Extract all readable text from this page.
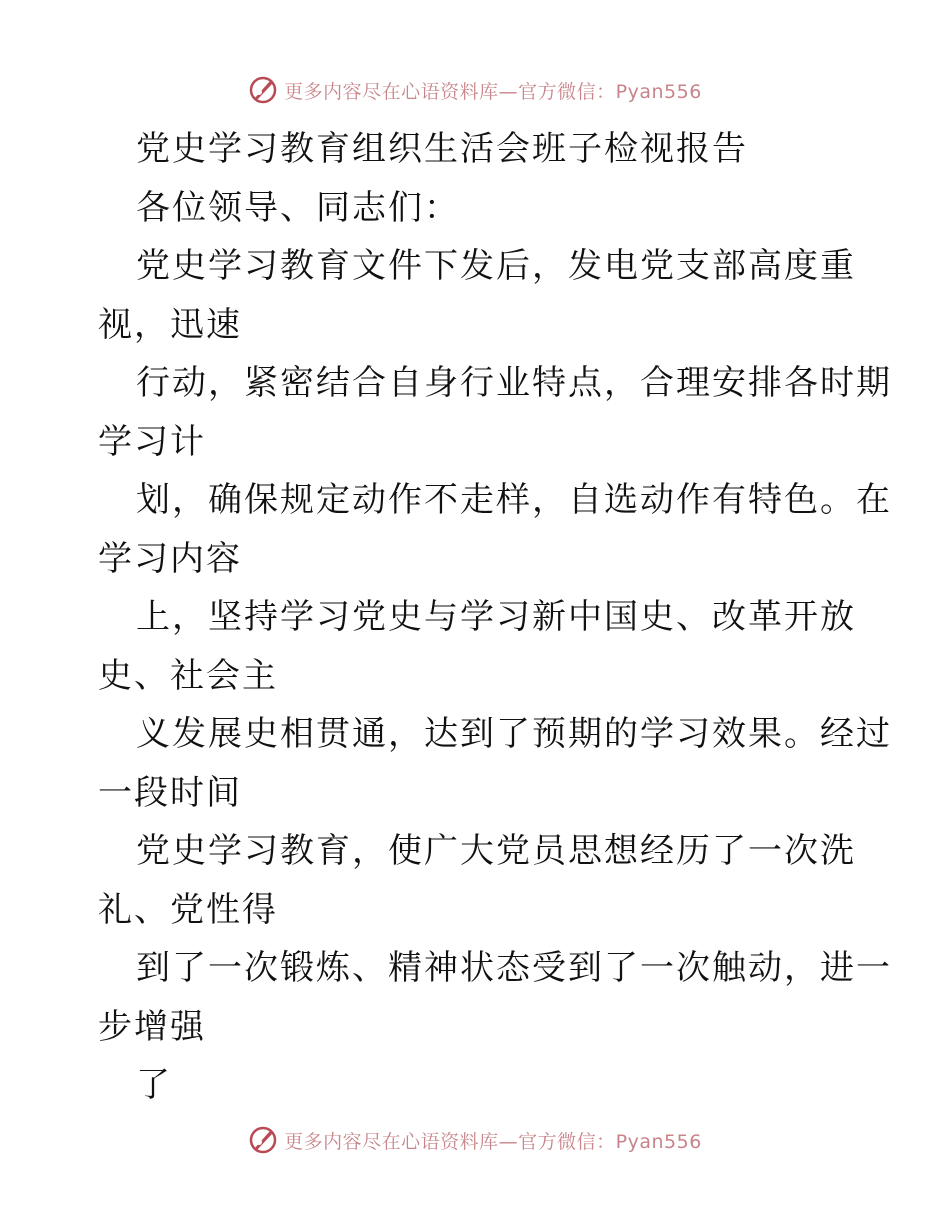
更多内容尽在心语资料库—官方微信：Pyan556
党史学习教育组织生活会班子检视报告
各位领导、同志们：
党史学习教育文件下发后，发电党支部高度重
视，迅速
行动，紧密结合自身行业特点，合理安排各时期
学习计
划，确保规定动作不走样，自选动作有特色。在
学习内容
上，坚持学习党史与学习新中国史、改革开放
史、社会主
义发展史相贯通，达到了预期的学习效果。经过
一段时间
党史学习教育，使广大党员思想经历了一次洗
礼、党性得
到了一次锻炼、精神状态受到了一次触动，进一
步增强
了
更多内容尽在心语资料库—官方微信：Pyan556
